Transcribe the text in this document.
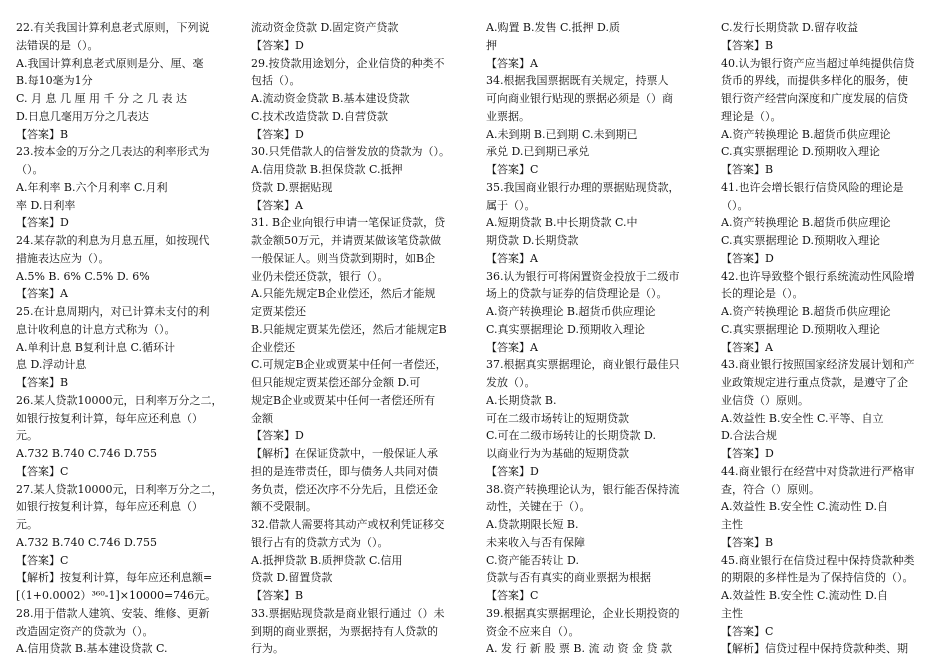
22.有关我国计算利息老式原则，下列说
法错误的是（）。
A.我国计算利息老式原则是分、厘、毫
B.每10毫为1分
C. 月 息 几 厘 用 千 分 之 几 表 达
D.日息几毫用万分之几表达
【答案】B
23.按本金的万分之几表达的利率形式为
（）。
A.年利率 B.六个月利率 C.月利
率 D.日利率
【答案】D
24.某存款的利息为月息五厘，如按现代
措施表达应为（）。
A.5% B. 6% C.5% D. 6%
【答案】A
25.在计息周期内，对已计算未支付的利
息计收利息的计息方式称为（）。
A.单利计息 B复利计息 C.循环计
息 D.浮动计息
【答案】B
26.某人贷款10000元，日利率万分之二，
如银行按复利计算，每年应还利息（）
元。
A.732 B.740 C.746 D.755
【答案】C
27.某人贷款10000元，日利率万分之二，
如银行按复利计算，每年应还利息（）
元。
A.732 B.740 C.746 D.755
【答案】C
【解析】按复利计算，每年应还利息额=
[（1+0.0002）³⁶⁰-1]×10000=746元。
28.用于借款人建筑、安装、维修、更新
改造固定资产的贷款为（）。
A.信用贷款 B.基本建设贷款 C.
流动资金贷款 D.固定资产贷款
【答案】D
29.按贷款用途划分，企业信贷的种类不
包括（）。
A.流动资金贷款 B.基本建设贷款
C.技术改造贷款 D.自营贷款
【答案】D
30.只凭借款人的信誉发放的贷款为（）。
A.信用贷款 B.担保贷款 C.抵押
贷款 D.票据贴现
【答案】A
31. B企业向银行申请一笔保证贷款，贷
款金额50万元，并请贾某做该笔贷款做
一般保证人。则当贷款到期时，如B企
业仍未偿还贷款，银行（）。
A.只能先规定B企业偿还，然后才能规
定贾某偿还
B.只能规定贾某先偿还，然后才能规定B
企业偿还
C.可规定B企业或贾某中任何一者偿还，
但只能规定贾某偿还部分金额 D.可
规定B企业或贾某中任何一者偿还所有
金额
【答案】D
【解析】在保证贷款中，一般保证人承
担的是连带责任，即与债务人共同对债
务负责，偿还次序不分先后，且偿还金
额不受限制。
32.借款人需要将其动产或权利凭证移交
银行占有的贷款方式为（）。
A.抵押贷款 B.质押贷款 C.信用
贷款 D.留置贷款
【答案】B
33.票据贴现贷款是商业银行通过（）未
到期的商业票据，为票据持有人贷款的
行为。
A.购置 B.发售 C.抵押 D.质
押
【答案】A
34.根据我国票据既有关规定，持票人
可向商业银行贴现的票据必须是（）商
业票据。
A.未到期 B.已到期 C.未到期已
承兑 D.已到期已承兑
【答案】C
35.我国商业银行办理的票据贴现贷款，
属于（）。
A.短期贷款 B.中长期贷款 C.中
期贷款 D.长期贷款
【答案】A
36.认为银行可将闲置资金投放于二级市
场上的贷款与证券的信贷理论是（）。
A.资产转换理论 B.超货币供应理论
C.真实票据理论 D.预期收入理论
【答案】A
37.根据真实票据理论，商业银行最佳只
发放（）。
A.长期贷款 B.
可在二级市场转让的短期贷款
C.可在二级市场转让的长期贷款 D.
以商业行为为基础的短期贷款
【答案】D
38.资产转换理论认为，银行能否保持流
动性，关键在于（）。
A.贷款期限长短 B.
未来收入与否有保障
C.资产能否转让 D.
贷款与否有真实的商业票据为根据
【答案】C
39.根据真实票据理论，企业长期投资的
资金不应来自（）。
A. 发 行 新 股 票 B. 流 动 资 金 贷 款
C.发行长期贷款 D.留存收益
【答案】B
40.认为银行资产应当超过单纯提供信贷
货币的界线，而提供多样化的服务，使
银行资产经营向深度和广度发展的信贷
理论是（）。
A.资产转换理论 B.超货币供应理论
C.真实票据理论 D.预期收入理论
【答案】B
41.也许会增长银行信贷风险的理论是
（）。
A.资产转换理论 B.超货币供应理论
C.真实票据理论 D.预期收入理论
【答案】D
42.也许导致整个银行系统流动性风险增
长的理论是（）。
A.资产转换理论 B.超货币供应理论
C.真实票据理论 D.预期收入理论
【答案】A
43.商业银行按照国家经济发展计划和产
业政策规定进行重点贷款，是遵守了企
业信贷（）原则。
A.效益性 B.安全性 C.平等、自立
D.合法合规
【答案】D
44.商业银行在经营中对贷款进行严格审
查，符合（）原则。
A.效益性 B.安全性 C.流动性 D.自
主性
【答案】B
45.商业银行在信贷过程中保持贷款种类
的期限的多样性是为了保持信贷的（）。
A.效益性 B.安全性 C.流动性 D.自
主性
【答案】C
【解析】信贷过程中保持贷款种类、期
